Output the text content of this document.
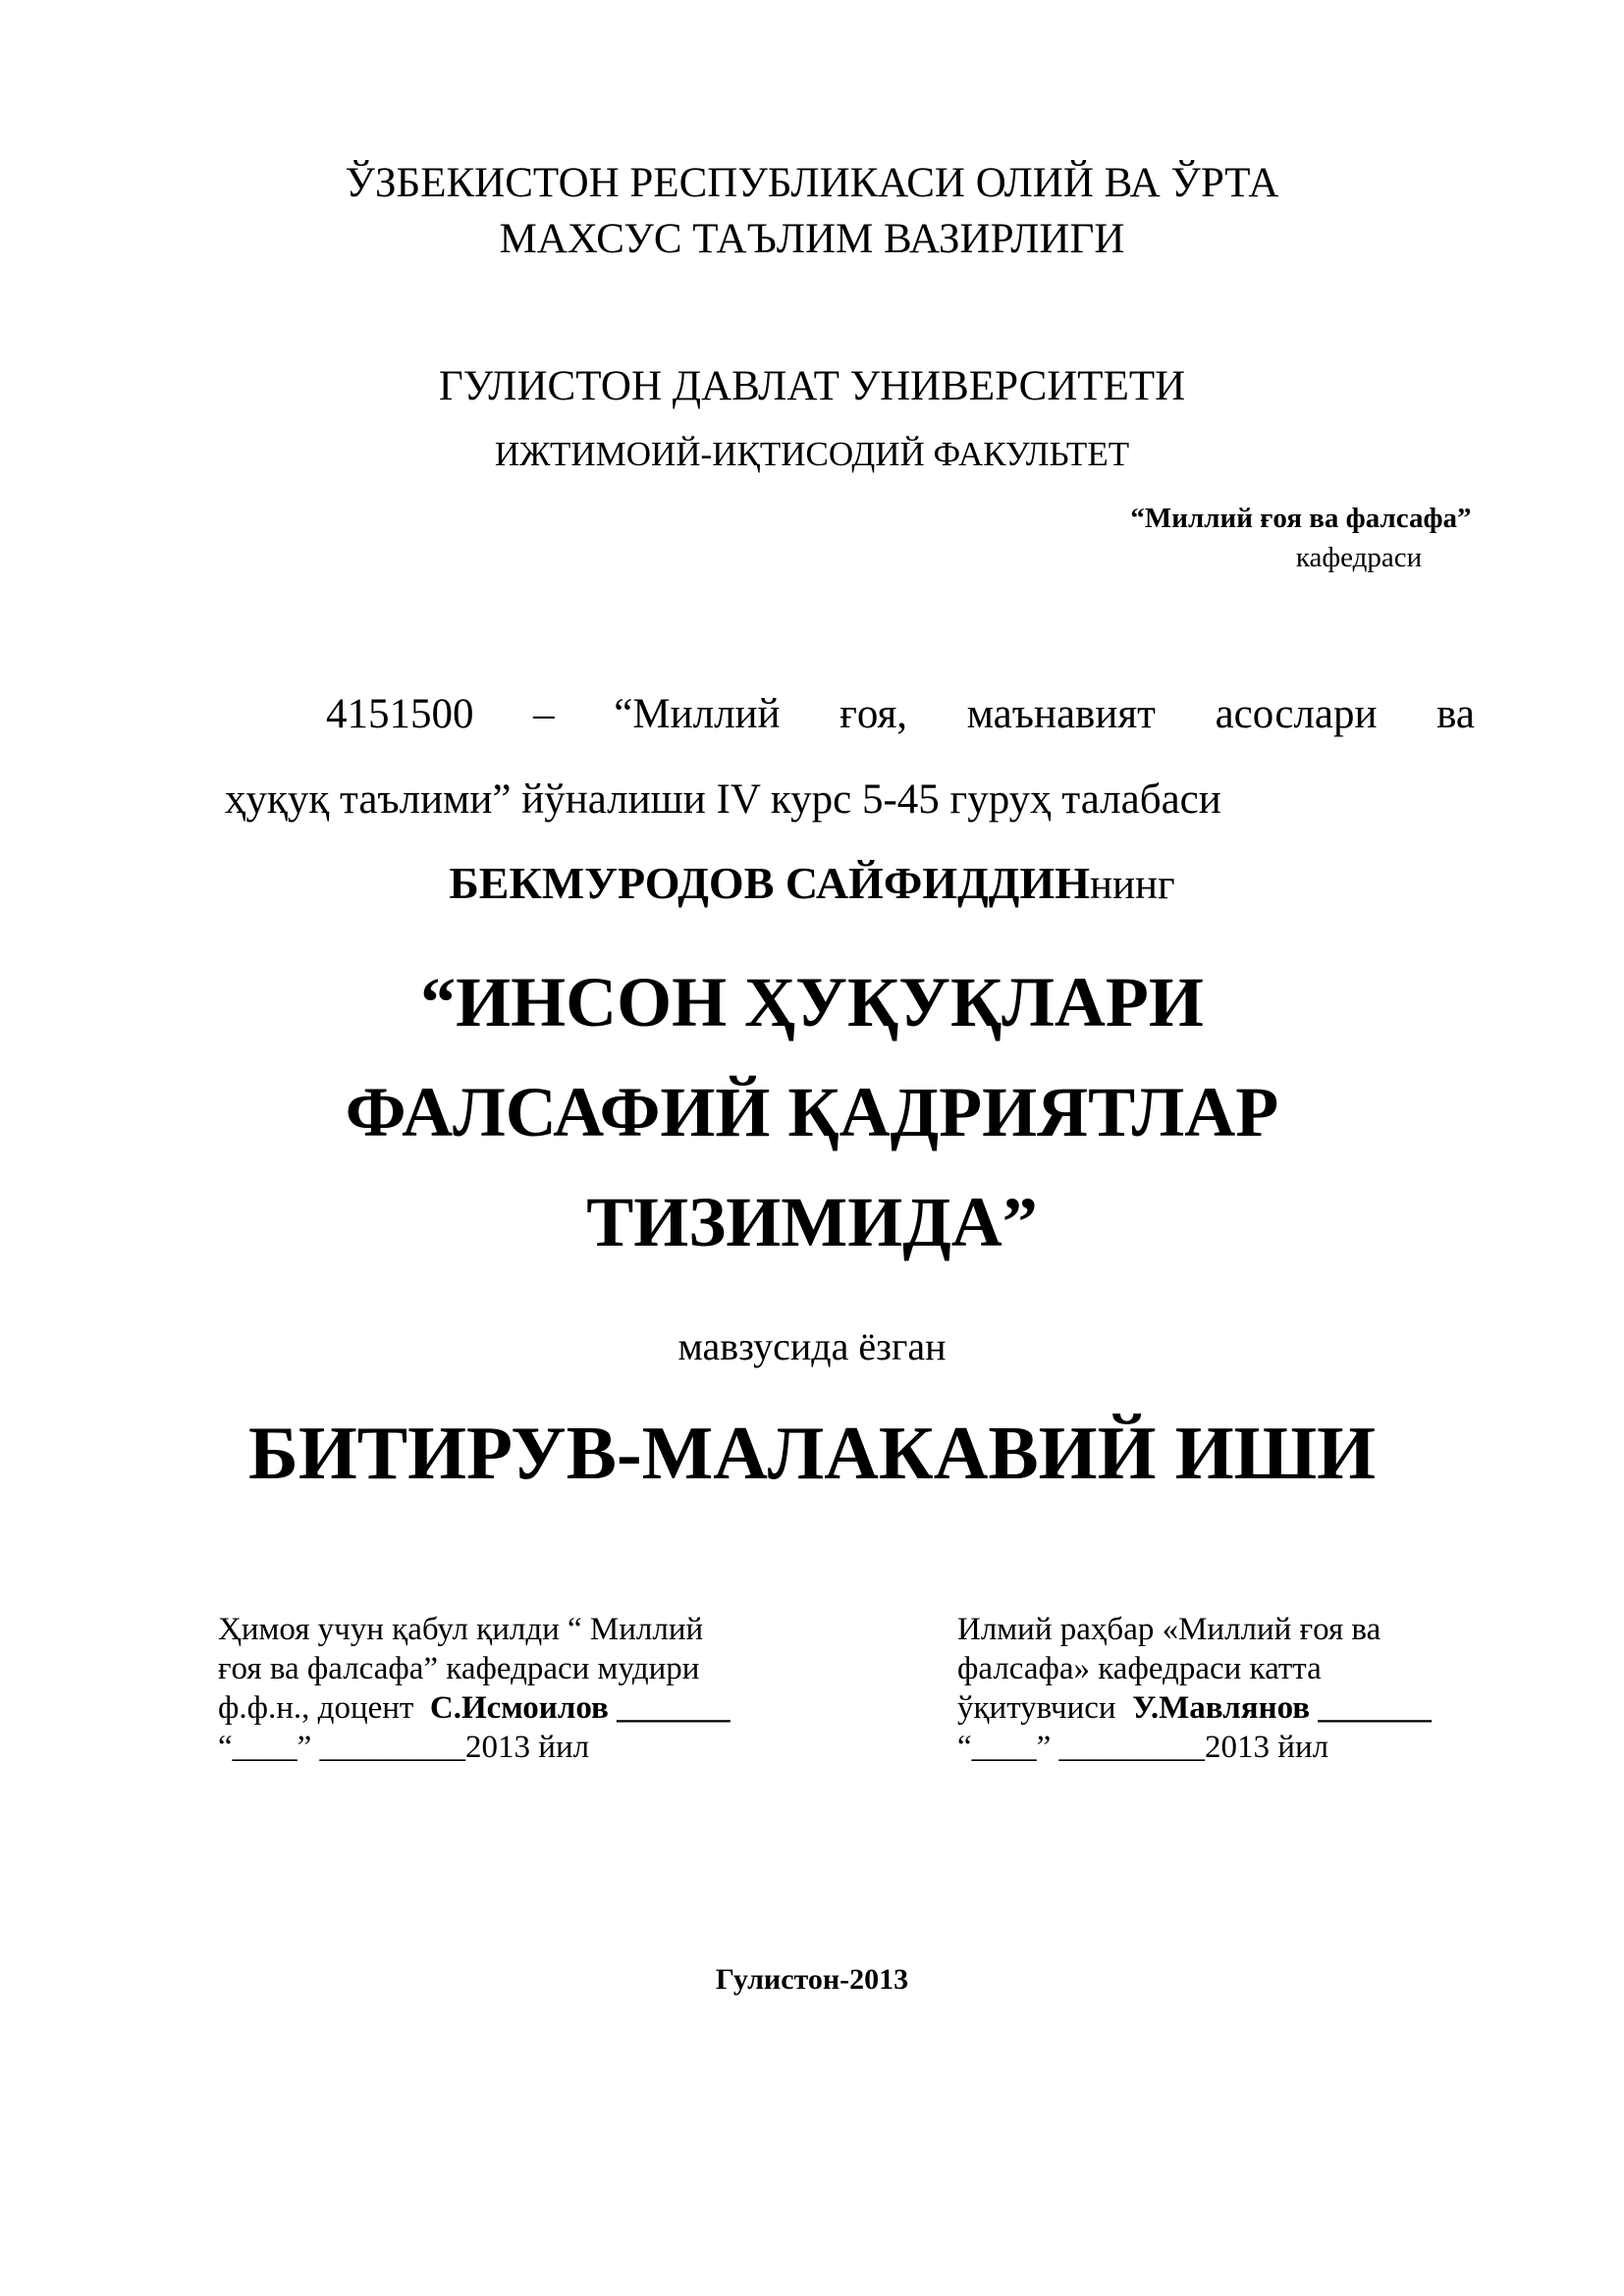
ЎЗБЕКИСТОН РЕСПУБЛИКАСИ ОЛИЙ ВА ЎРТА
МАХСУС ТАЪЛИМ ВАЗИРЛИГИ
ГУЛИСТОН ДАВЛАТ УНИВЕРСИТЕТИ
ИЖТИМОИЙ-ИҚТИСОДИЙ ФАКУЛЬТЕТ
“Миллий ғоя ва фалсафа”
кафедраси
4151500 – “Миллий ғоя, маънавият асослари ва
ҳуқуқ таълими” йўналиши IV курс 5-45 гуруҳ талабаси
БЕКМУРОДОВ САЙФИДДИНнинг
“ИНСОН ҲУҚУҚЛАРИ
ФАЛСАФИЙ ҚАДРИЯТЛАР
ТИЗИМИДА”
мавзусида ёзган
БИТИРУВ-МАЛАКАВИЙ ИШИ
Ҳимоя учун қабул қилди “ Миллий
ғоя ва фалсафа” кафедраси мудири
ф.ф.н., доцент  С.Исмоилов _______
“____” _________2013 йил
Илмий раҳбар «Миллий ғоя ва
фалсафа» кафедраси катта
ўқитувчиси  У.Мавлянов _______
“____” _________2013 йил
Гулистон-2013
